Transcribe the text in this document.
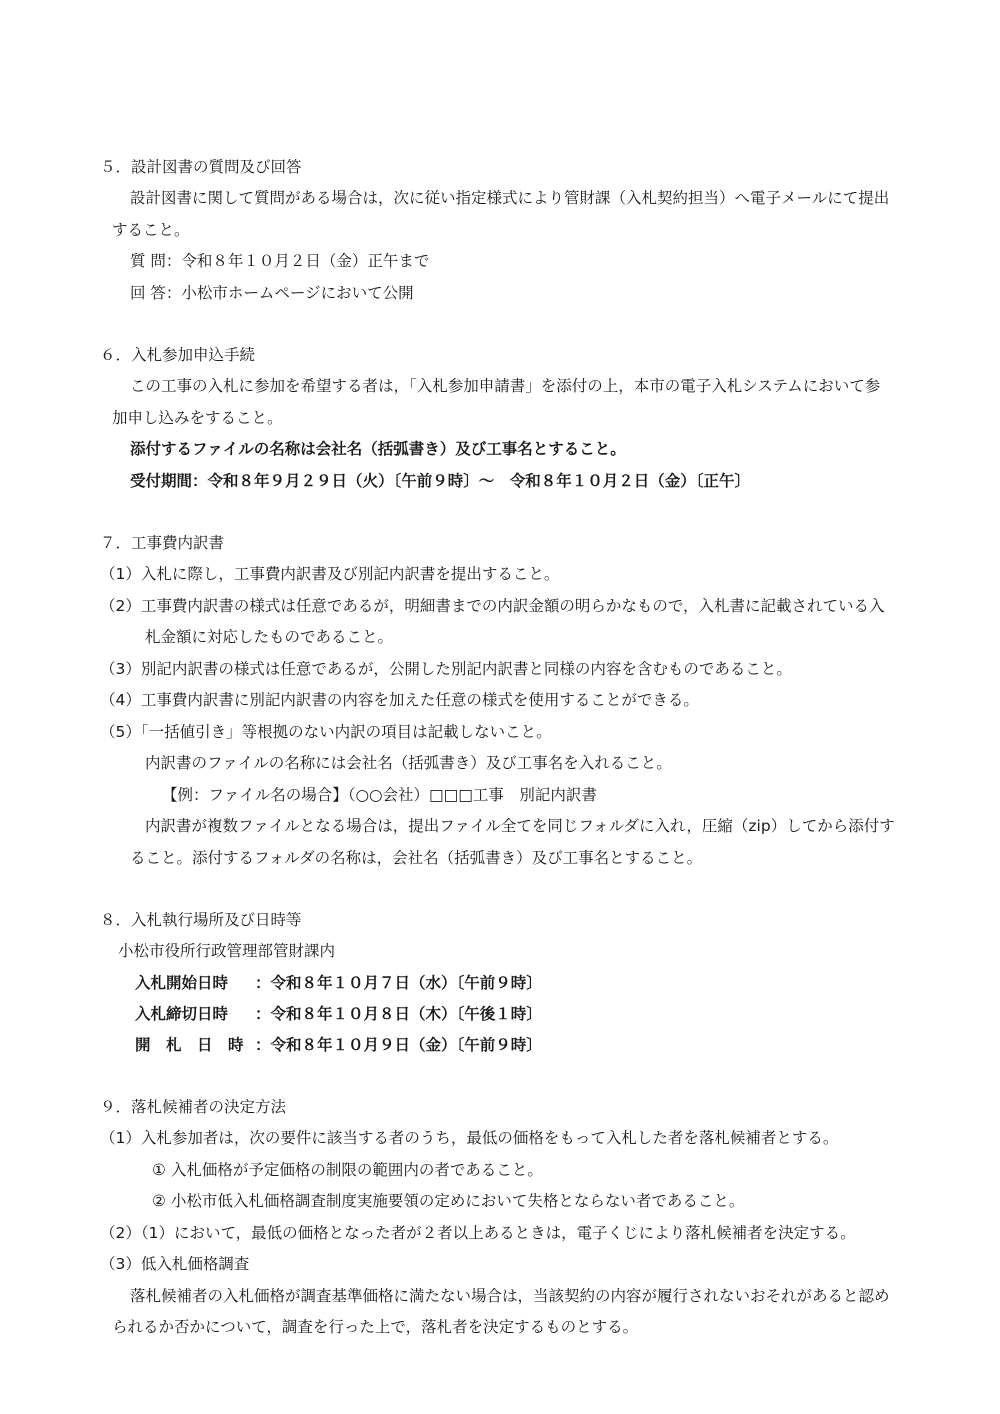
５．設計図書の質問及び回答
設計図書に関して質問がある場合は，次に従い指定様式により管財課（入札契約担当）へ電子メールにて提出
すること。
質 問：令和８年１０月２日（金）正午まで
回 答：小松市ホームページにおいて公開
６．入札参加申込手続
この工事の入札に参加を希望する者は，「入札参加申請書」を添付の上，本市の電子入札システムにおいて参
加申し込みをすること。
添付するファイルの名称は会社名（括弧書き）及び工事名とすること。
受付期間：令和８年９月２９日（火）〔午前９時〕～　令和８年１０月２日（金）〔正午〕
７．工事費内訳書
（1）入札に際し，工事費内訳書及び別記内訳書を提出すること。
（2）工事費内訳書の様式は任意であるが，明細書までの内訳金額の明らかなもので，入札書に記載されている入
札金額に対応したものであること。
（3）別記内訳書の様式は任意であるが，公開した別記内訳書と同様の内容を含むものであること。
（4）工事費内訳書に別記内訳書の内容を加えた任意の様式を使用することができる。
（5）「一括値引き」等根拠のない内訳の項目は記載しないこと。
内訳書のファイルの名称には会社名（括弧書き）及び工事名を入れること。
【例：ファイル名の場合】（○○会社）□□□工事　別記内訳書
内訳書が複数ファイルとなる場合は，提出ファイル全てを同じフォルダに入れ，圧縮（zip）してから添付す
ること。添付するフォルダの名称は，会社名（括弧書き）及び工事名とすること。
８．入札執行場所及び日時等
小松市役所行政管理部管財課内
入札開始日時 ：令和８年１０月７日（水）〔午前９時〕
入札締切日時 ：令和８年１０月８日（木）〔午後１時〕
開　札　日　時 ：令和８年１０月９日（金）〔午前９時〕
９．落札候補者の決定方法
（1）入札参加者は，次の要件に該当する者のうち，最低の価格をもって入札した者を落札候補者とする。
① 入札価格が予定価格の制限の範囲内の者であること。
② 小松市低入札価格調査制度実施要領の定めにおいて失格とならない者であること。
（2）（1）において，最低の価格となった者が２者以上あるときは，電子くじにより落札候補者を決定する。
（3）低入札価格調査
落札候補者の入札価格が調査基準価格に満たない場合は，当該契約の内容が履行されないおそれがあると認め
られるか否かについて，調査を行った上で，落札者を決定するものとする。
